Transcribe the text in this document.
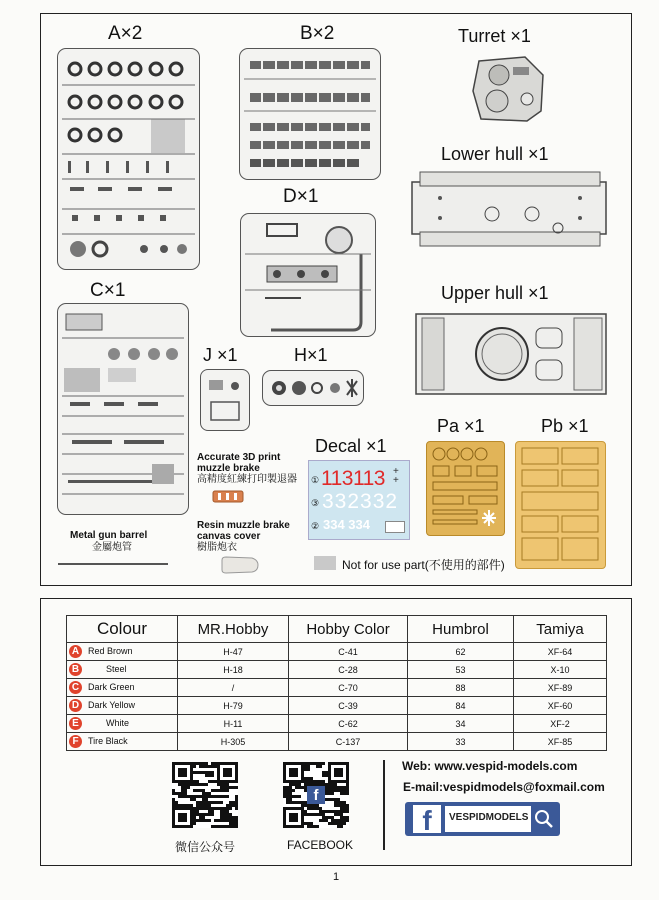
A×2	B×2	Turret ×1
Lower hull ×1
D×1
C×1	Upper hull ×1
J ×1	H×1
Decal ×1
Pa ×1	Pb ×1
Accurate 3D print
muzzle brake
高精度紅練打印製退器
Resin muzzle brake
canvas cover
樹脂炮衣
Metal gun barrel
金屬炮管
① 113113 +
+
③ 332332
② 334 334
Not for use part(不使用的部件)
Colour	MR.Hobby	Hobby Color	Humbrol	Tamiya
A Red Brown	H-47	C-41	62	XF-64
B Steel	H-18	C-28	53	X-10
C Dark Green	/	C-70	88	XF-89
D Dark Yellow	H-79	C-39	84	XF-60
E White	H-11	C-62	34	XF-2
F Tire Black	H-305	C-137	33	XF-85
微信公众号
f
FACEBOOK
Web: www.vespid-models.com
E-mail:vespidmodels@foxmail.com
f	VESPIDMODELS
1
